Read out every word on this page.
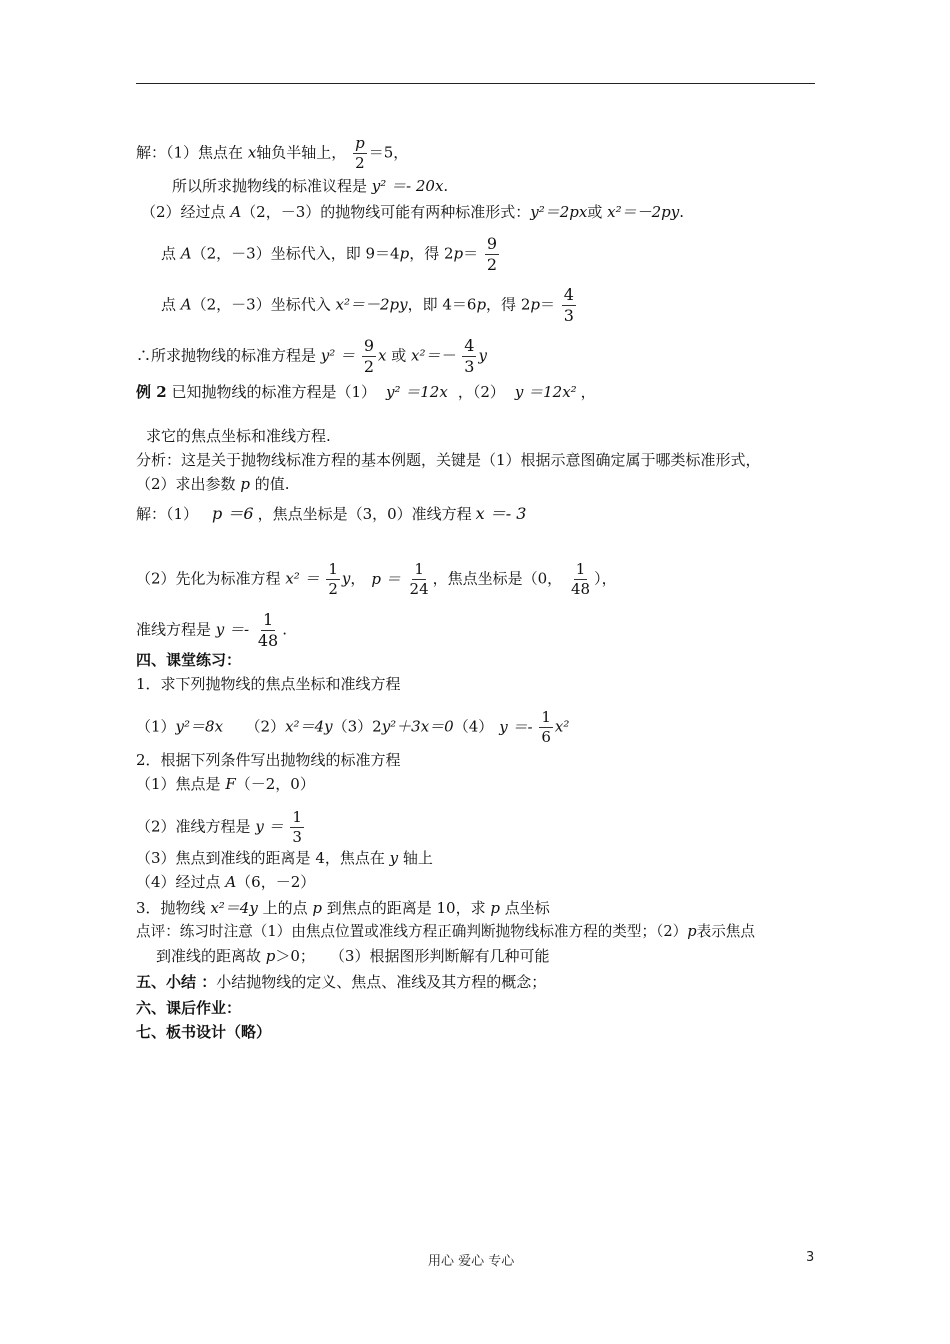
解：（1）焦点在 x轴负半轴上， $\frac{p}{2} =5$，
所以所求抛物线的标准议程是 y² ＝- 20x.
（2）经过点 A（2，－3）的抛物线可能有两种标准形式：y²＝2px或 x²＝－2py.
点 A（2，－3）坐标代入，即 9＝4p，得 $2p= \frac{9}{2}$
点 A（2，－3）坐标代入 x²＝－2py，即 4＝6p，得 $2p= \frac{4}{3}$
∴所求抛物线的标准方程是 $y^2 = \frac{9}{2}$ x 或 $x^2=- \frac{4}{3}$ y
例 2 已知抛物线的标准方程是（1） y² ＝12x ，（2） y ＝12x² ，
求它的焦点坐标和准线方程.
分析：这是关于抛物线标准方程的基本例题，关键是（1）根据示意图确定属于哪类标准形式，
（2）求出参数 p 的值.
解：（1） p ＝6 ，焦点坐标是（3，0）准线方程 x ＝- 3
（2）先化为标准方程 $x^2 = \frac{1}{2}$ y， $p = \frac{1}{24}$ ，焦点坐标是（0， $\frac{1}{48}$ ），
准线方程是 $y =- \frac{1}{48}$ .
四、课堂练习：
1．求下列抛物线的焦点坐标和准线方程
（1）y²＝8x　　（2）x²＝4y（3）2y²＋3x＝0（4） $y =- \frac{1}{6} x^2$
2．根据下列条件写出抛物线的标准方程
（1）焦点是 F（－2，0）
（2）准线方程是 $y = \frac{1}{3}$
（3）焦点到准线的距离是 4，焦点在 y 轴上
（4）经过点 A（6，－2）
3．抛物线 x²＝4y 上的点 p 到焦点的距离是 10，求 p 点坐标
点评：练习时注意（1）由焦点位置或准线方程正确判断抛物线标准方程的类型；（2）p表示焦点
到准线的距离故 p＞0；　　（3）根据图形判断解有几种可能
五、小结 ：小结抛物线的定义、焦点、准线及其方程的概念；
六、课后作业：
七、板书设计（略）
用心 爱心 专心	3
